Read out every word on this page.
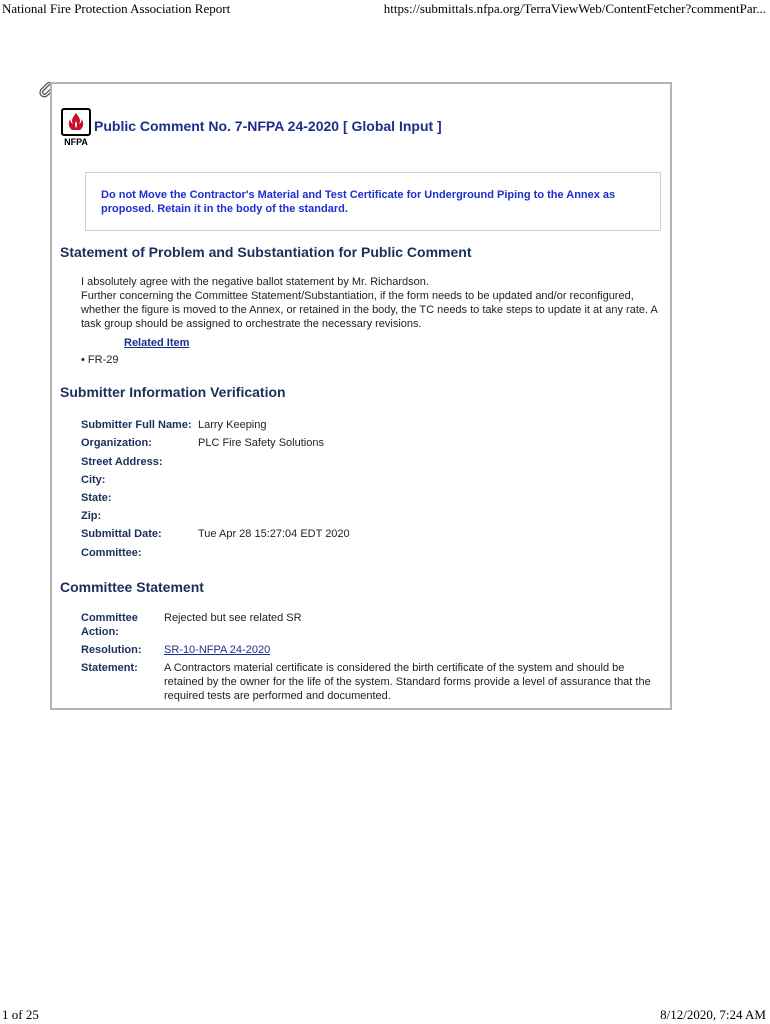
National Fire Protection Association Report	https://submittals.nfpa.org/TerraViewWeb/ContentFetcher?commentPar...
NFPA
Public Comment No. 7-NFPA 24-2020 [ Global Input ]
Do not Move the Contractor's Material and Test Certificate for Underground Piping to the Annex as proposed. Retain it in the body of the standard.
Statement of Problem and Substantiation for Public Comment
I absolutely agree with the negative ballot statement by Mr. Richardson.
Further concerning the Committee Statement/Substantiation, if the form needs to be updated and/or reconfigured, whether the figure is moved to the Annex, or retained in the body, the TC needs to take steps to update it at any rate. A task group should be assigned to orchestrate the necessary revisions.
Related Item
• FR-29
Submitter Information Verification
Submitter Full Name: Larry Keeping
Organization:	PLC Fire Safety Solutions
Street Address:
City:
State:
Zip:
Submittal Date:	Tue Apr 28 15:27:04 EDT 2020
Committee:
Committee Statement
Committee Action:
Rejected but see related SR
Resolution:	SR-10-NFPA 24-2020
Statement:	A Contractors material certificate is considered the birth certificate of the system and should be retained by the owner for the life of the system. Standard forms provide a level of assurance that the required tests are performed and documented.
1 of 25	8/12/2020, 7:24 AM
